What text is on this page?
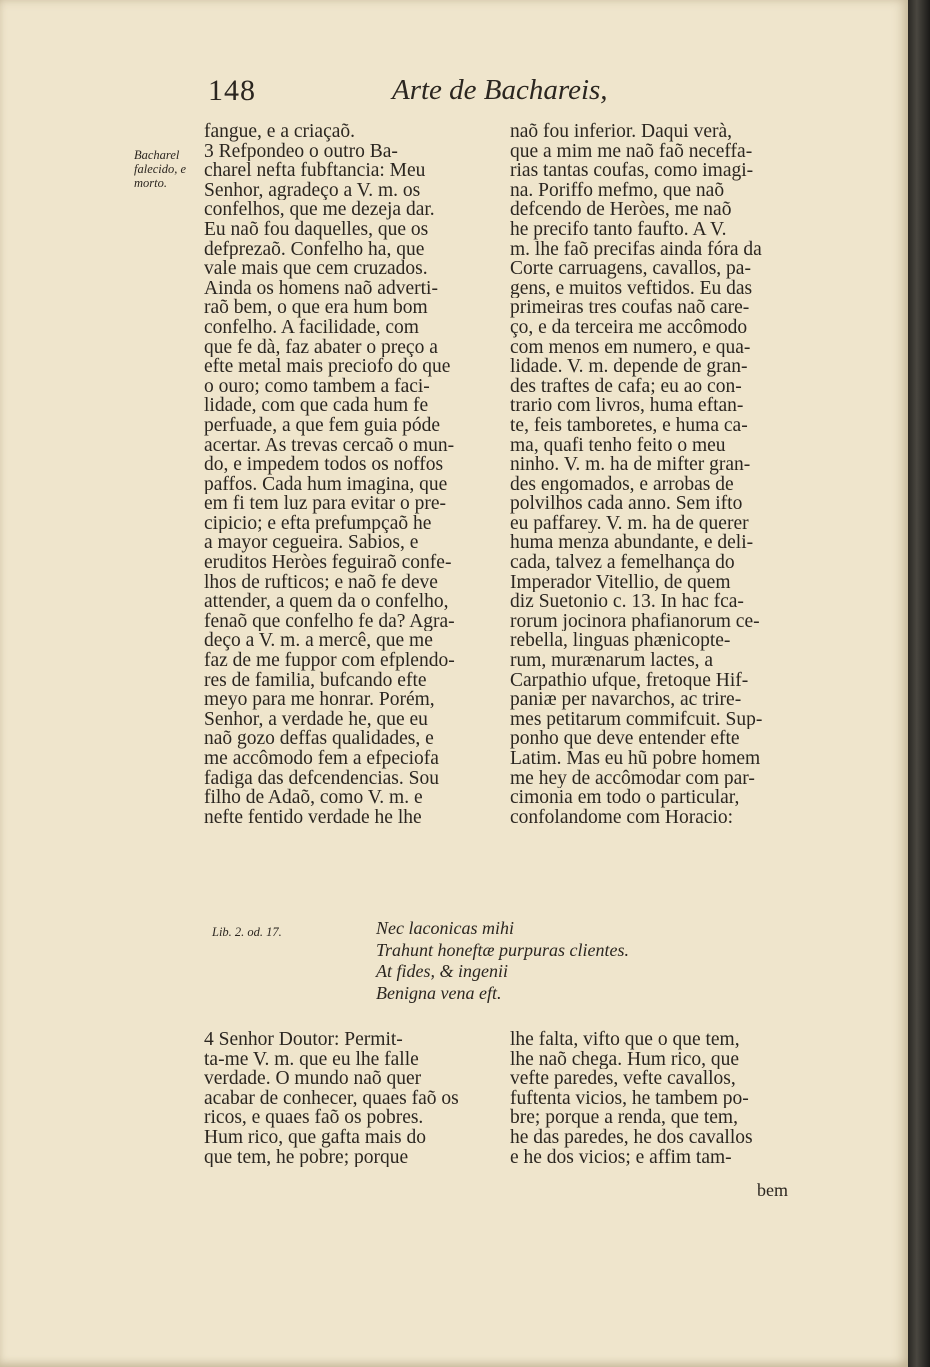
148	Arte de Bachareis,
Bacharel
falecido, e
morto.
fangue, e a criaçaõ.
3 Refpondeo o outro Ba-
charel nefta fubftancia: Meu
Senhor, agradeço a V. m. os
confelhos, que me dezeja dar.
Eu naõ fou daquelles, que os
defprezaõ. Confelho ha, que
vale mais que cem cruzados.
Ainda os homens naõ adverti-
raõ bem, o que era hum bom
confelho. A facilidade, com
que fe dà, faz abater o preço a
efte metal mais preciofo do que
o ouro; como tambem a faci-
lidade, com que cada hum fe
perfuade, a que fem guia póde
acertar. As trevas cercaõ o mun-
do, e impedem todos os noffos
paffos. Cada hum imagina, que
em fi tem luz para evitar o pre-
cipicio; e efta prefumpçaõ he
a mayor cegueira. Sabios, e
eruditos Heròes feguiraõ confe-
lhos de rufticos; e naõ fe deve
attender, a quem da o confelho,
fenaõ que confelho fe da? Agra-
deço a V. m. a mercê, que me
faz de me fuppor com efplendo-
res de familia, bufcando efte
meyo para me honrar. Porém,
Senhor, a verdade he, que eu
naõ gozo deffas qualidades, e
me accômodo fem a efpeciofa
fadiga das defcendencias. Sou
filho de Adaõ, como V. m. e
nefte fentido verdade he lhe
naõ fou inferior. Daqui verà,
que a mim me naõ faõ neceffa-
rias tantas coufas, como imagi-
na. Poriffo mefmo, que naõ
defcendo de Heròes, me naõ
he precifo tanto faufto. A V.
m. lhe faõ precifas ainda fóra da
Corte carruagens, cavallos, pa-
gens, e muitos veftidos. Eu das
primeiras tres coufas naõ care-
ço, e da terceira me accômodo
com menos em numero, e qua-
lidade. V. m. depende de gran-
des traftes de cafa; eu ao con-
trario com livros, huma eftan-
te, feis tamboretes, e huma ca-
ma, quafi tenho feito o meu
ninho. V. m. ha de mifter gran-
des engomados, e arrobas de
polvilhos cada anno. Sem ifto
eu paffarey. V. m. ha de querer
huma menza abundante, e deli-
cada, talvez a femelhança do
Imperador Vitellio, de quem
diz Suetonio c. 13. In hac fca-
rorum jocinora phafianorum ce-
rebella, linguas phænicopte-
rum, murænarum lactes, a
Carpathio ufque, fretoque Hif-
paniæ per navarchos, ac trire-
mes petitarum commifcuit. Sup-
ponho que deve entender efte
Latim. Mas eu hũ pobre homem
me hey de accômodar com par-
cimonia em todo o particular,
confolandome com Horacio:
Lib. 2. od. 17.	Nec laconicas mihi
Trahunt honeftæ purpuras clientes.
At fides, & ingenii
Benigna vena eft.
4 Senhor Doutor: Permit-
ta-me V. m. que eu lhe falle
verdade. O mundo naõ quer
acabar de conhecer, quaes faõ os
ricos, e quaes faõ os pobres.
Hum rico, que gafta mais do
que tem, he pobre; porque
lhe falta, vifto que o que tem,
lhe naõ chega. Hum rico, que
vefte paredes, vefte cavallos,
fuftenta vicios, he tambem po-
bre; porque a renda, que tem,
he das paredes, he dos cavallos
e he dos vicios; e affim tam-
bem
